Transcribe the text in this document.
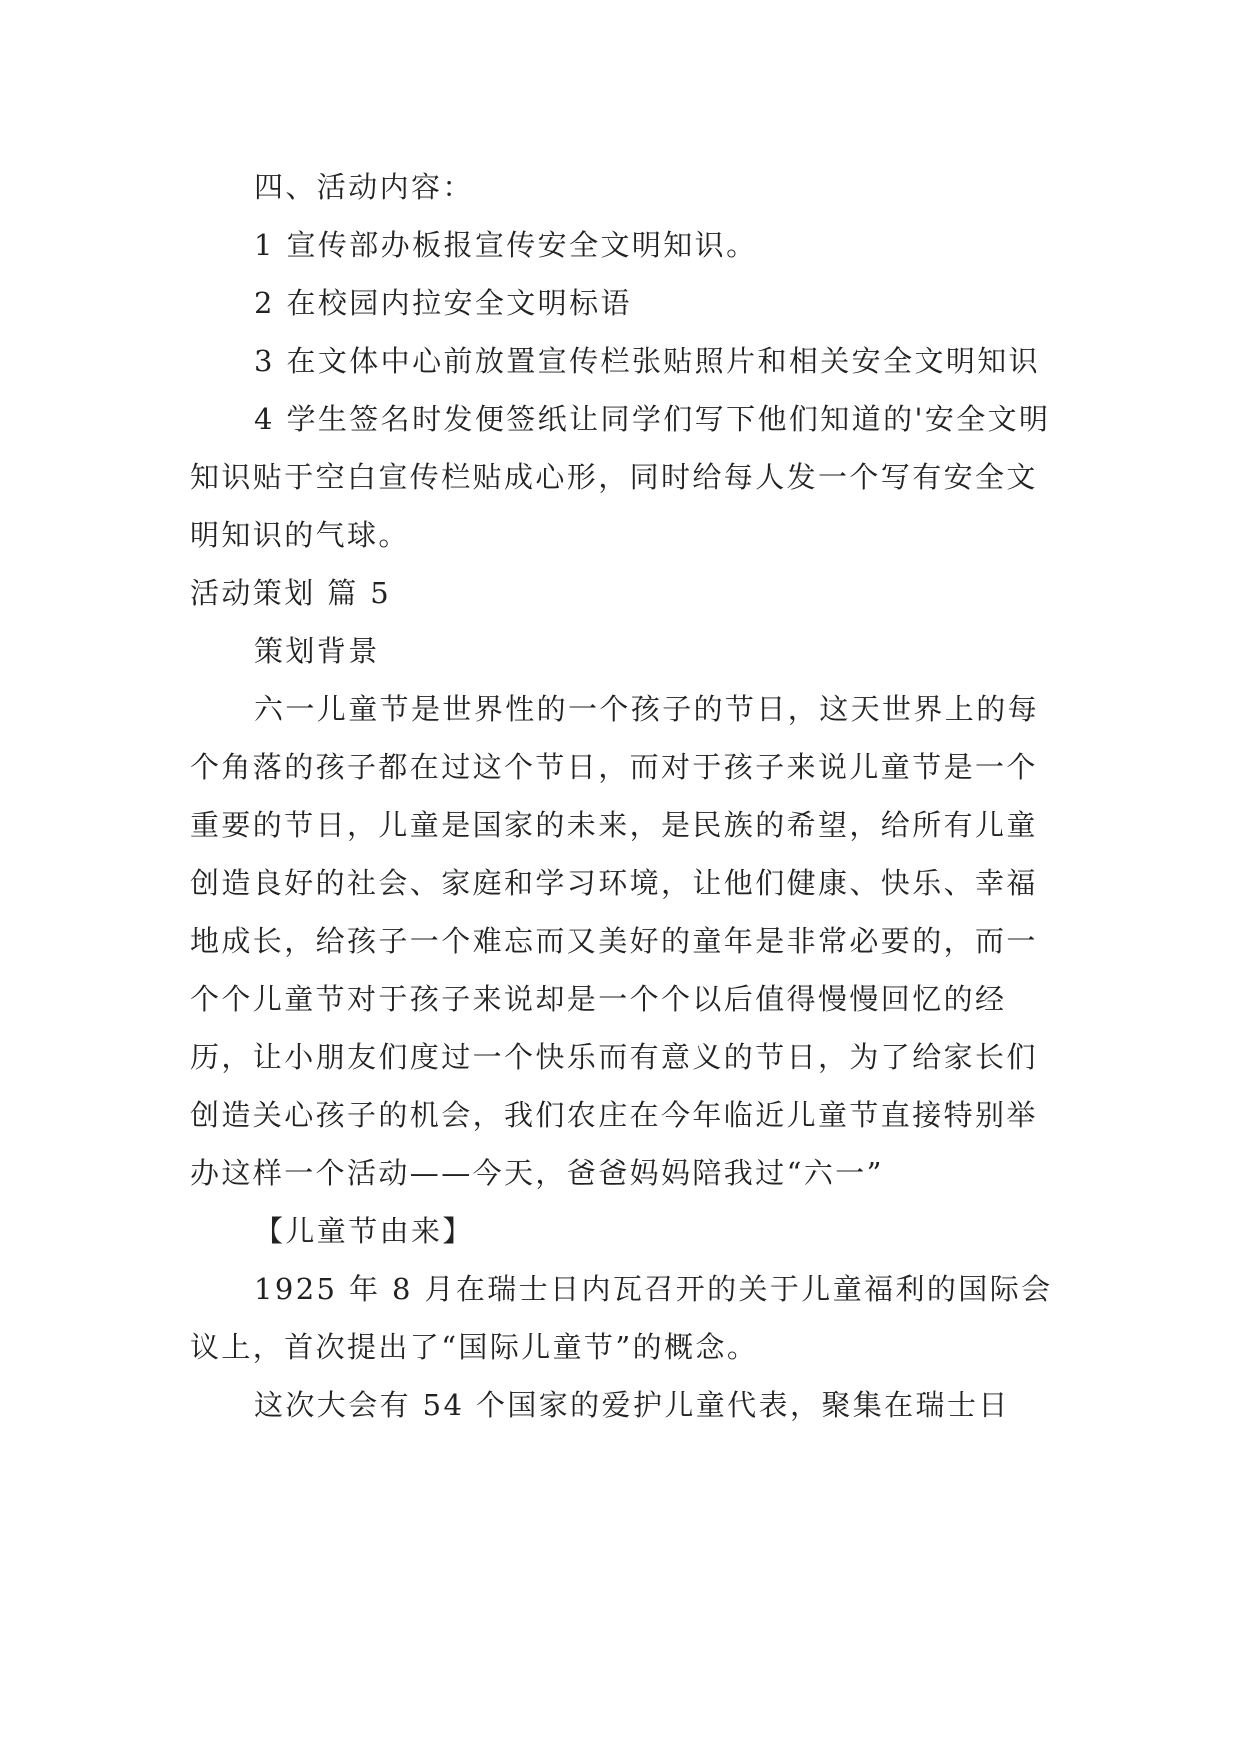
四、活动内容：

1 宣传部办板报宣传安全文明知识。

2 在校园内拉安全文明标语

3 在文体中心前放置宣传栏张贴照片和相关安全文明知识

4 学生签名时发便签纸让同学们写下他们知道的'安全文明知识贴于空白宣传栏贴成心形，同时给每人发一个写有安全文明知识的气球。

活动策划 篇 5

策划背景

六一儿童节是世界性的一个孩子的节日，这天世界上的每个角落的孩子都在过这个节日，而对于孩子来说儿童节是一个重要的节日，儿童是国家的未来，是民族的希望，给所有儿童创造良好的社会、家庭和学习环境，让他们健康、快乐、幸福地成长，给孩子一个难忘而又美好的童年是非常必要的，而一个个儿童节对于孩子来说却是一个个以后值得慢慢回忆的经历，让小朋友们度过一个快乐而有意义的节日，为了给家长们创造关心孩子的机会，我们农庄在今年临近儿童节直接特别举办这样一个活动——今天，爸爸妈妈陪我过“六一”

【儿童节由来】

1925 年 8 月在瑞士日内瓦召开的关于儿童福利的国际会议上，首次提出了“国际儿童节”的概念。

这次大会有 54 个国家的爱护儿童代表，聚集在瑞士日
